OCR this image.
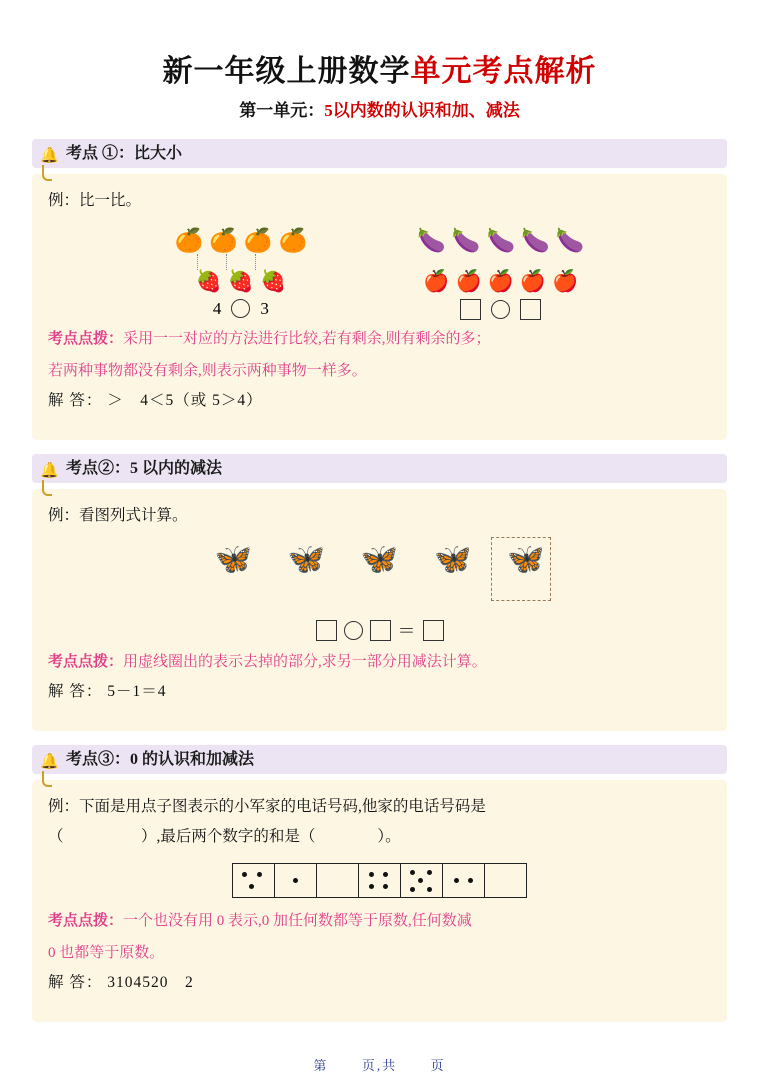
新一年级上册数学单元考点解析
第一单元：5以内数的认识和加、减法
🔔 考点 ①：比大小

例：比一比。

🍊 🍊 🍊 🍊
🍓 🍓 🍓
4 3
🍆 🍆 🍆 🍆 🍆
🍎 🍎 🍎 🍎 🍎

考点点拨：采用一一对应的方法进行比较,若有剩余,则有剩余的多；

若两种事物都没有剩余,则表示两种事物一样多。

解 答： ＞　4＜5（或 5＞4）

🔔 考点②：5 以内的减法

例：看图列式计算。

🦋 🦋 🦋 🦋 🦋
＝

考点点拨：用虚线圈出的表示去掉的部分,求另一部分用减法计算。

解 答： 5－1＝4

🔔 考点③：0 的认识和加减法

例：下面是用点子图表示的小军家的电话号码,他家的电话号码是

（　　　　　）,最后两个数字的和是（　　　　）。

考点点拨：一个也没有用 0 表示,0 加任何数都等于原数,任何数减

0 也都等于原数。

解 答： 3104520　2

第 　	页,共 　	页
